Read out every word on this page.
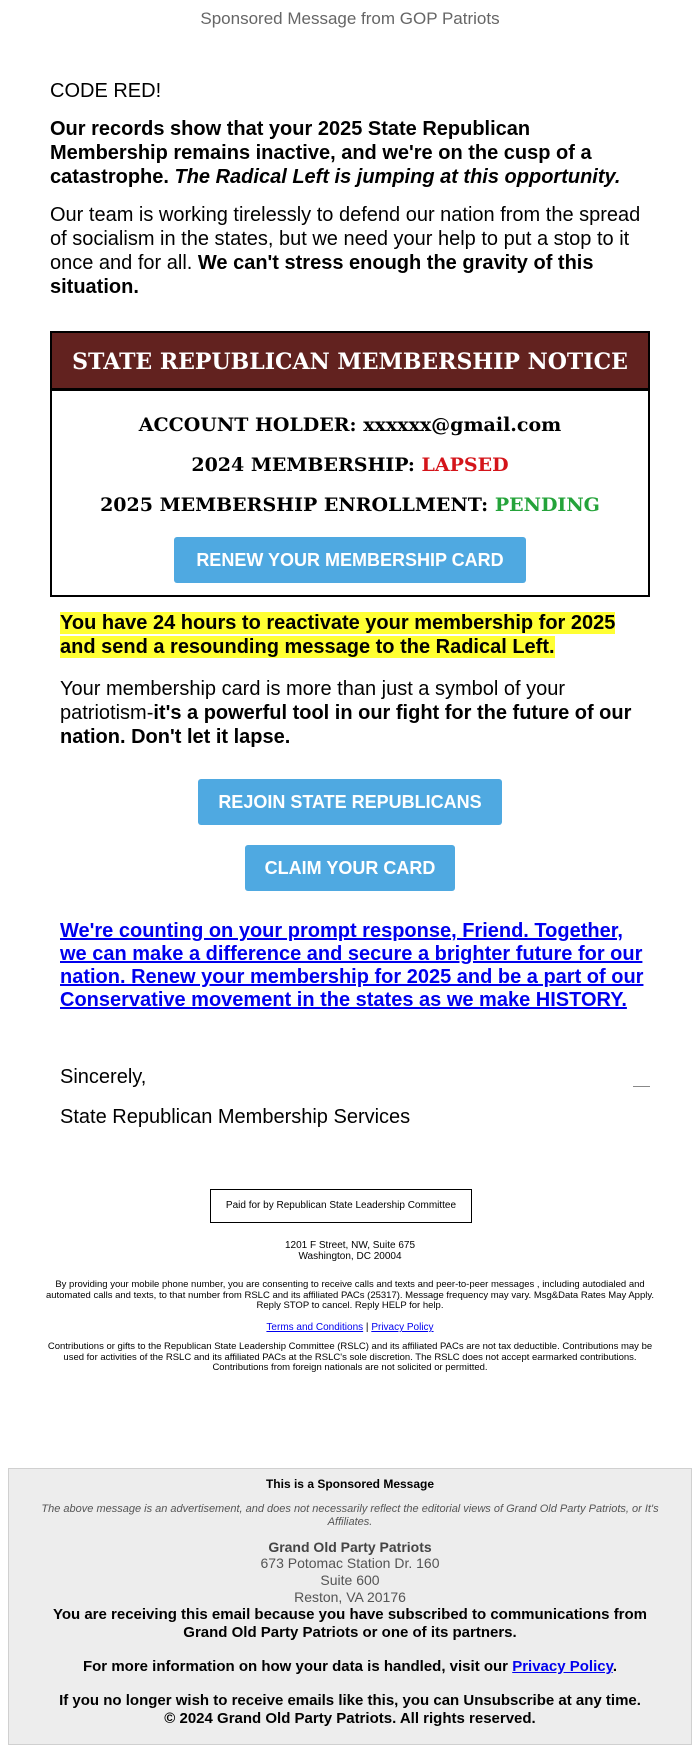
Sponsored Message from GOP Patriots
CODE RED!
Our records show that your 2025 State Republican Membership remains inactive, and we're on the cusp of a catastrophe. The Radical Left is jumping at this opportunity.
Our team is working tirelessly to defend our nation from the spread of socialism in the states, but we need your help to put a stop to it once and for all. We can't stress enough the gravity of this situation.
STATE REPUBLICAN MEMBERSHIP NOTICE
ACCOUNT HOLDER: xxxxxx@gmail.com
2024 MEMBERSHIP: LAPSED
2025 MEMBERSHIP ENROLLMENT: PENDING
RENEW YOUR MEMBERSHIP CARD
You have 24 hours to reactivate your membership for 2025 and send a resounding message to the Radical Left.
Your membership card is more than just a symbol of your patriotism-it's a powerful tool in our fight for the future of our nation. Don't let it lapse.
REJOIN STATE REPUBLICANS
CLAIM YOUR CARD
We're counting on your prompt response, Friend. Together, we can make a difference and secure a brighter future for our nation. Renew your membership for 2025 and be a part of our Conservative movement in the states as we make HISTORY.
Sincerely,
State Republican Membership Services
Paid for by Republican State Leadership Committee
1201 F Street, NW, Suite 675
Washington, DC 20004
By providing your mobile phone number, you are consenting to receive calls and texts and peer-to-peer messages , including autodialed and automated calls and texts, to that number from RSLC and its affiliated PACs (25317). Message frequency may vary. Msg&Data Rates May Apply. Reply STOP to cancel. Reply HELP for help.
Terms and Conditions | Privacy Policy
Contributions or gifts to the Republican State Leadership Committee (RSLC) and its affiliated PACs are not tax deductible. Contributions may be used for activities of the RSLC and its affiliated PACs at the RSLC's sole discretion. The RSLC does not accept earmarked contributions. Contributions from foreign nationals are not solicited or permitted.
This is a Sponsored Message
The above message is an advertisement, and does not necessarily reflect the editorial views of Grand Old Party Patriots, or It's Affiliates.
Grand Old Party Patriots
673 Potomac Station Dr. 160
Suite 600
Reston, VA 20176
You are receiving this email because you have subscribed to communications from Grand Old Party Patriots or one of its partners.
For more information on how your data is handled, visit our Privacy Policy.
If you no longer wish to receive emails like this, you can Unsubscribe at any time.
© 2024 Grand Old Party Patriots. All rights reserved.
